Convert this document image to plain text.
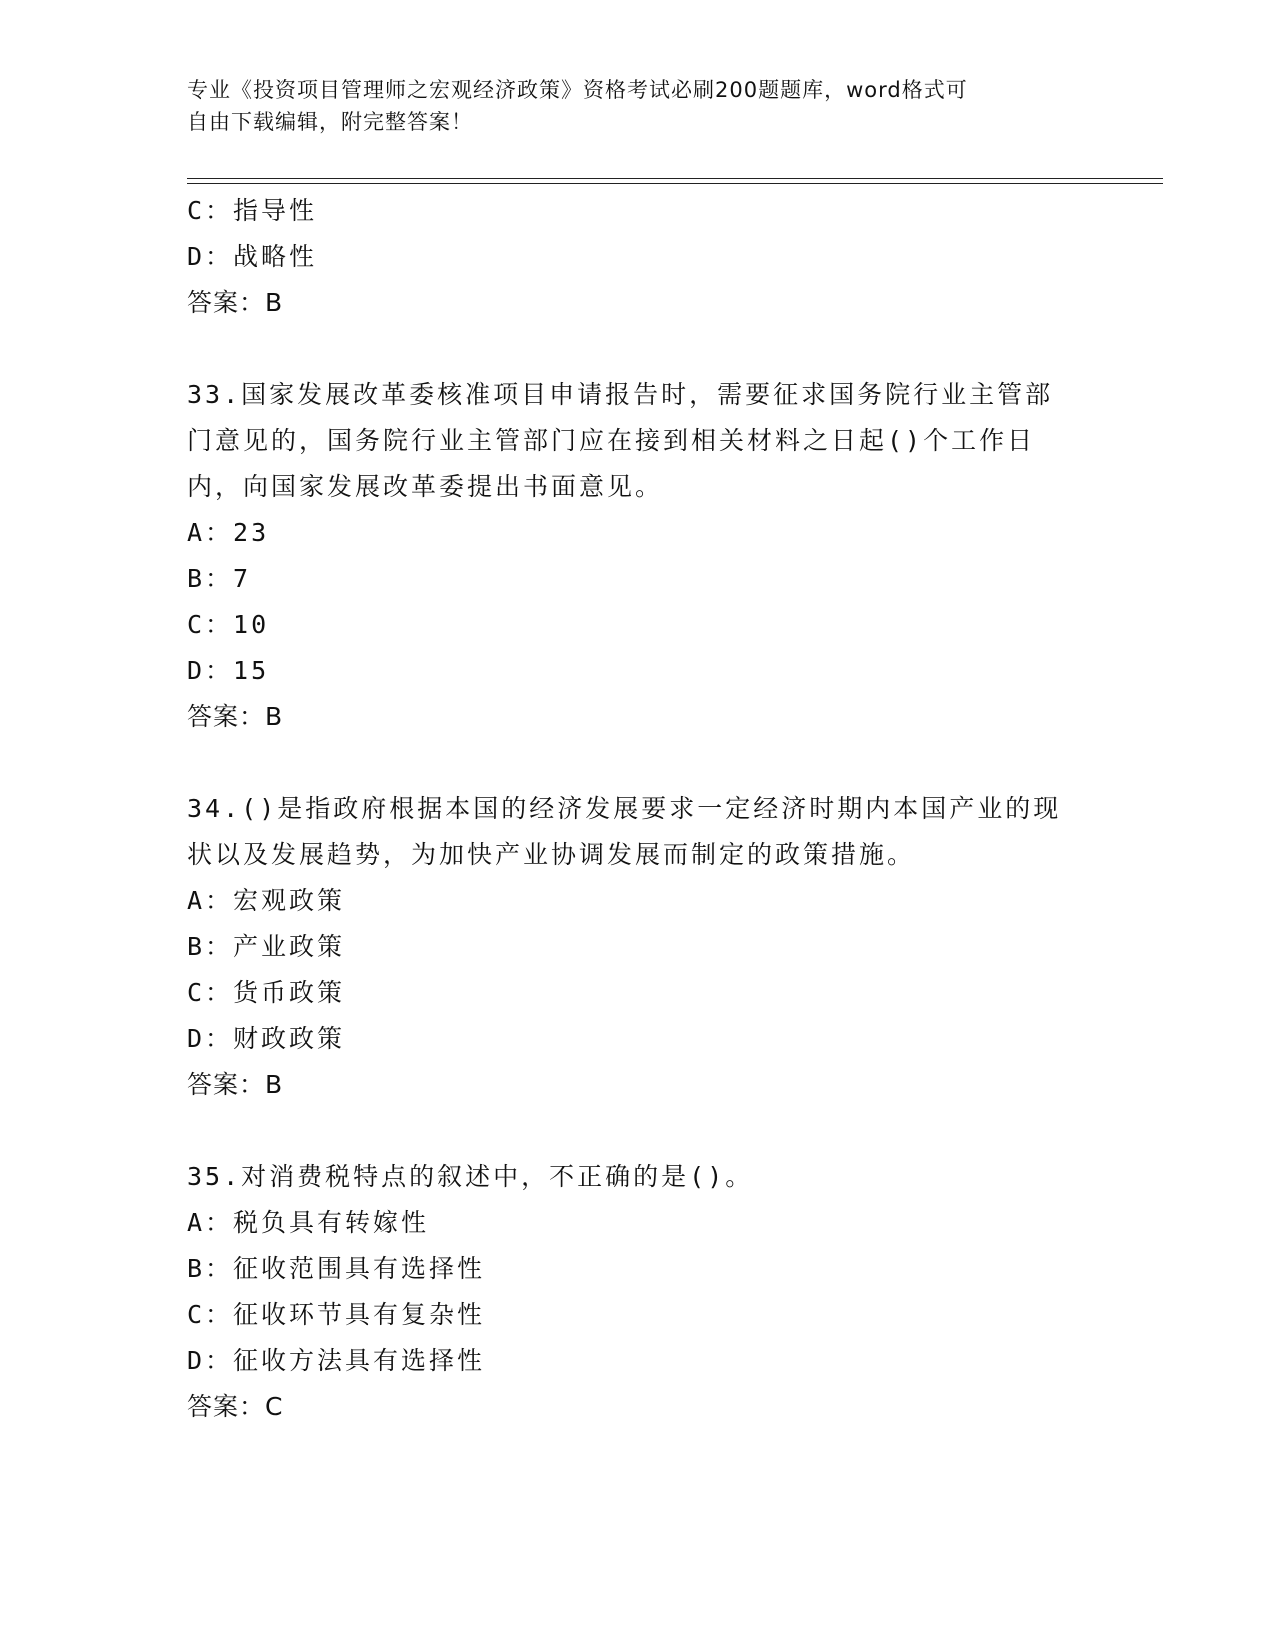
专业《投资项目管理师之宏观经济政策》资格考试必刷200题题库，word格式可
自由下载编辑，附完整答案！
C：指导性
D：战略性
答案：B
33.国家发展改革委核准项目申请报告时，需要征求国务院行业主管部
门意见的，国务院行业主管部门应在接到相关材料之日起()个工作日
内，向国家发展改革委提出书面意见。
A：23
B：7
C：10
D：15
答案：B
34.()是指政府根据本国的经济发展要求一定经济时期内本国产业的现
状以及发展趋势，为加快产业协调发展而制定的政策措施。
A：宏观政策
B：产业政策
C：货币政策
D：财政政策
答案：B
35.对消费税特点的叙述中，不正确的是()。
A：税负具有转嫁性
B：征收范围具有选择性
C：征收环节具有复杂性
D：征收方法具有选择性
答案：C
